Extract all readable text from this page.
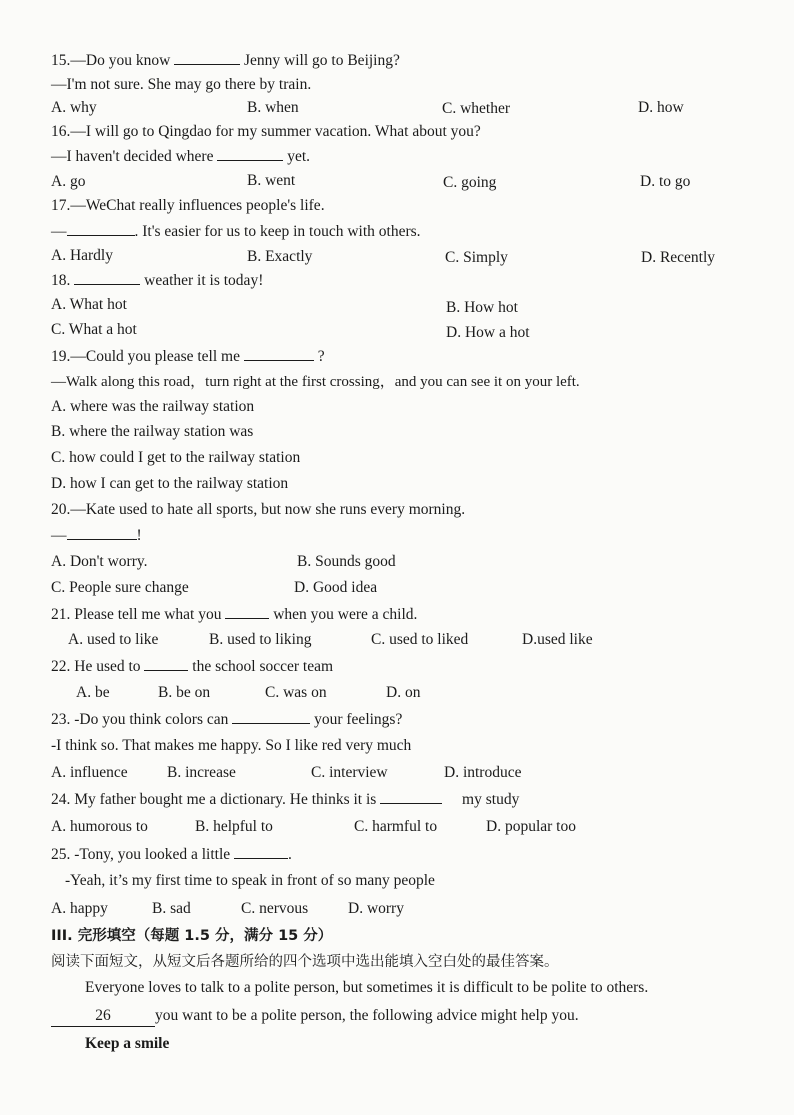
15.—Do you know	Jenny will go to Beijing?
—I'm not sure. She may go there by train.
A. why	B. when	C. whether	D. how
16.—I will go to Qingdao for my summer vacation. What about you?
—I haven't decided where	yet.
A. go	B. went	C. going	D. to go
17.—WeChat really influences people's life.
—	. It's easier for us to keep in touch with others.
A. Hardly	B. Exactly	C. Simply	D. Recently
18.	weather it is today!
A. What hot	B. How hot
C. What a hot	D. How a hot
19.—Could you please tell me	?
—Walk along this road，turn right at the first crossing，and you can see it on your left.
A. where was the railway station
B. where the railway station was
C. how could I get to the railway station
D. how I can get to the railway station
20.—Kate used to hate all sports, but now she runs every morning.
—	!
A. Don't worry.	B. Sounds good
C. People sure change	D. Good idea
21. Please tell me what you	when you were a child.
A. used to like	B. used to liking	C. used to liked	D.used like
22. He used to	the school soccer team
A. be	B. be on	C. was on	D. on
23. -Do you think colors can	your feelings?
-I think so. That makes me happy. So I like red very much
A. influence	B. increase	C. interview	D. introduce
24. My father bought me a dictionary. He thinks it is	my study
A. humorous to	B. helpful to	C. harmful to	D. popular too
25. -Tony, you looked a little	.
-Yeah, it’s my first time to speak in front of so many people
A. happy	B. sad	C. nervous	D. worry
III. 完形填空（每题 1.5 分，满分 15 分）
阅读下面短文，从短文后各题所给的四个选项中选出能填入空白处的最佳答案。
Everyone loves to talk to a polite person, but sometimes it is difficult to be polite to others.
26	you want to be a polite person, the following advice might help you.
Keep a smile
